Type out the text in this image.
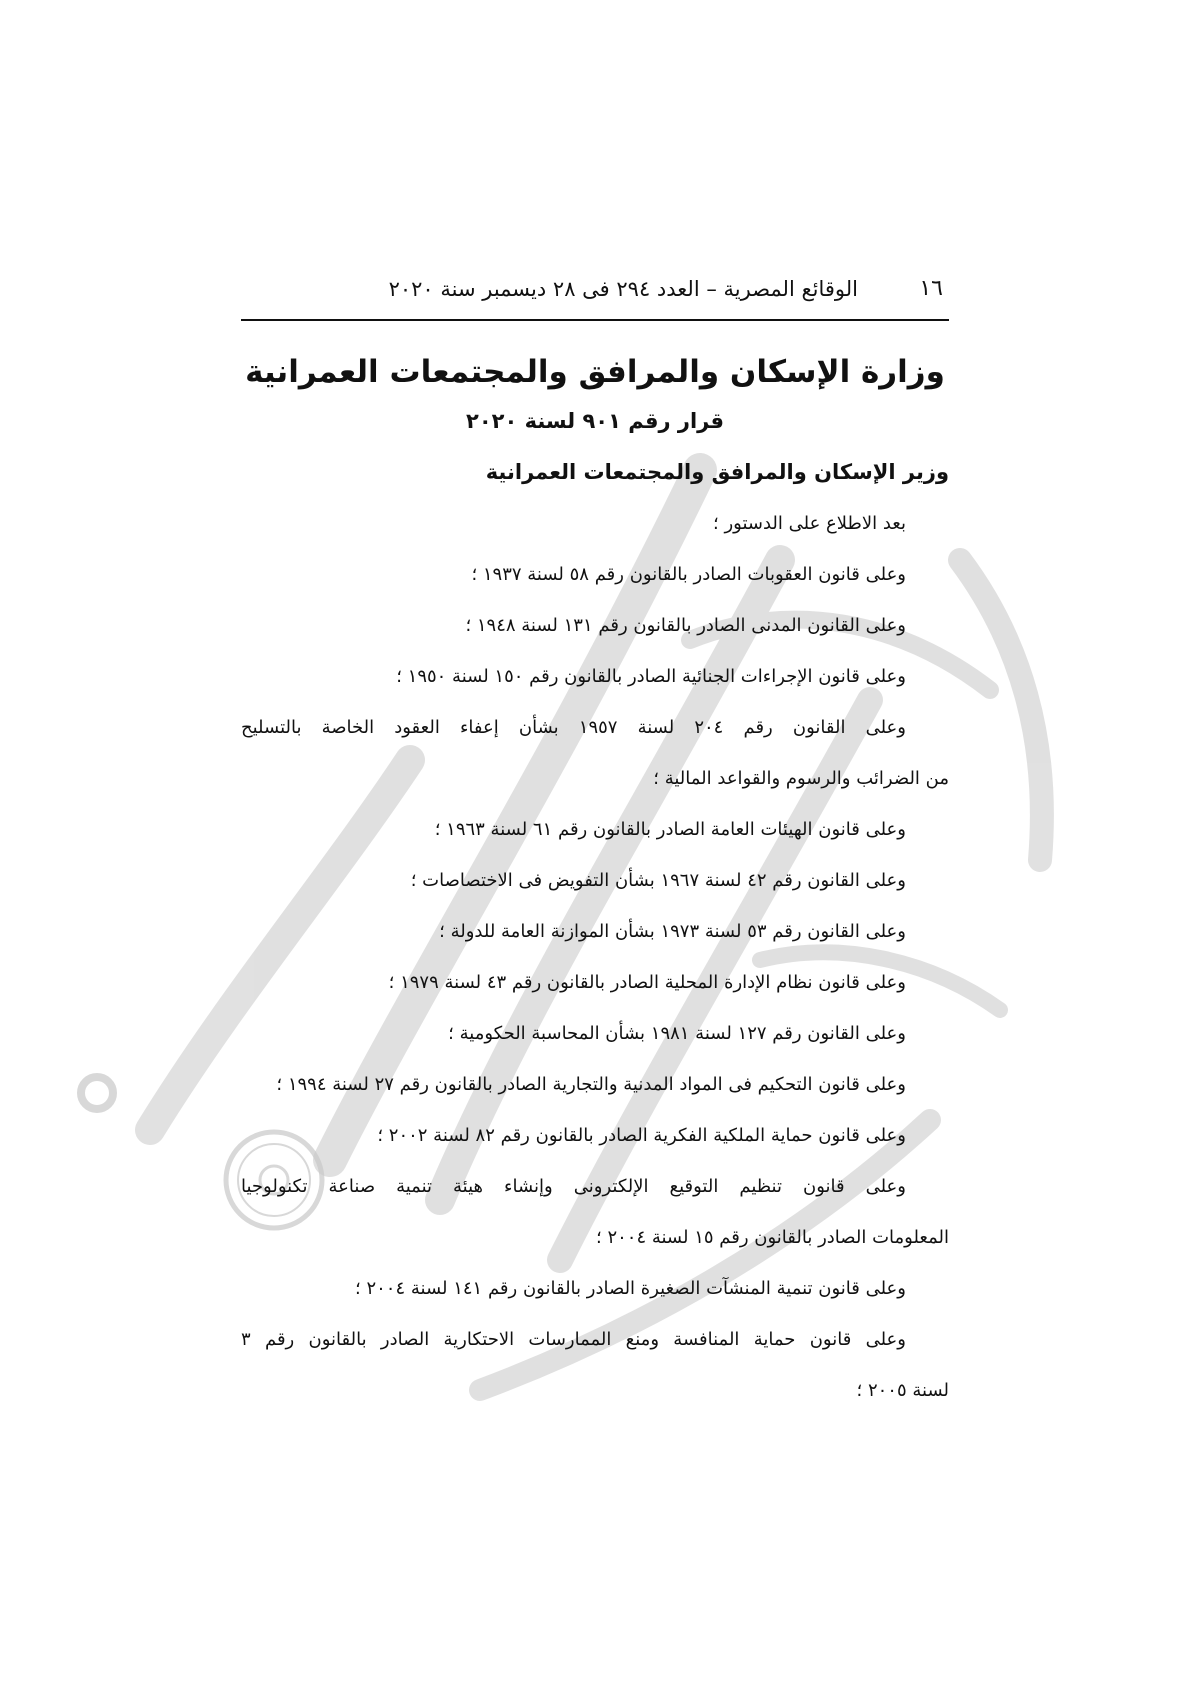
١٦
الوقائع المصرية – العدد ٢٩٤ فى ٢٨ ديسمبر سنة ٢٠٢٠
وزارة الإسكان والمرافق والمجتمعات العمرانية
قرار رقم ٩٠١ لسنة ٢٠٢٠
وزير الإسكان والمرافق والمجتمعات العمرانية
بعد الاطلاع على الدستور ؛
وعلى قانون العقوبات الصادر بالقانون رقم ٥٨ لسنة ١٩٣٧ ؛
وعلى القانون المدنى الصادر بالقانون رقم ١٣١ لسنة ١٩٤٨ ؛
وعلى قانون الإجراءات الجنائية الصادر بالقانون رقم ١٥٠ لسنة ١٩٥٠ ؛
وعلى القانون رقم ٢٠٤ لسنة ١٩٥٧ بشأن إعفاء العقود الخاصة بالتسليح
من الضرائب والرسوم والقواعد المالية ؛
وعلى قانون الهيئات العامة الصادر بالقانون رقم ٦١ لسنة ١٩٦٣ ؛
وعلى القانون رقم ٤٢ لسنة ١٩٦٧ بشأن التفويض فى الاختصاصات ؛
وعلى القانون رقم ٥٣ لسنة ١٩٧٣ بشأن الموازنة العامة للدولة ؛
وعلى قانون نظام الإدارة المحلية الصادر بالقانون رقم ٤٣ لسنة ١٩٧٩ ؛
وعلى القانون رقم ١٢٧ لسنة ١٩٨١ بشأن المحاسبة الحكومية ؛
وعلى قانون التحكيم فى المواد المدنية والتجارية الصادر بالقانون رقم ٢٧ لسنة ١٩٩٤ ؛
وعلى قانون حماية الملكية الفكرية الصادر بالقانون رقم ٨٢ لسنة ٢٠٠٢ ؛
وعلى قانون تنظيم التوقيع الإلكترونى وإنشاء هيئة تنمية صناعة تكنولوجيا
المعلومات الصادر بالقانون رقم ١٥ لسنة ٢٠٠٤ ؛
وعلى قانون تنمية المنشآت الصغيرة الصادر بالقانون رقم ١٤١ لسنة ٢٠٠٤ ؛
وعلى قانون حماية المنافسة ومنع الممارسات الاحتكارية الصادر بالقانون رقم ٣
لسنة ٢٠٠٥ ؛
